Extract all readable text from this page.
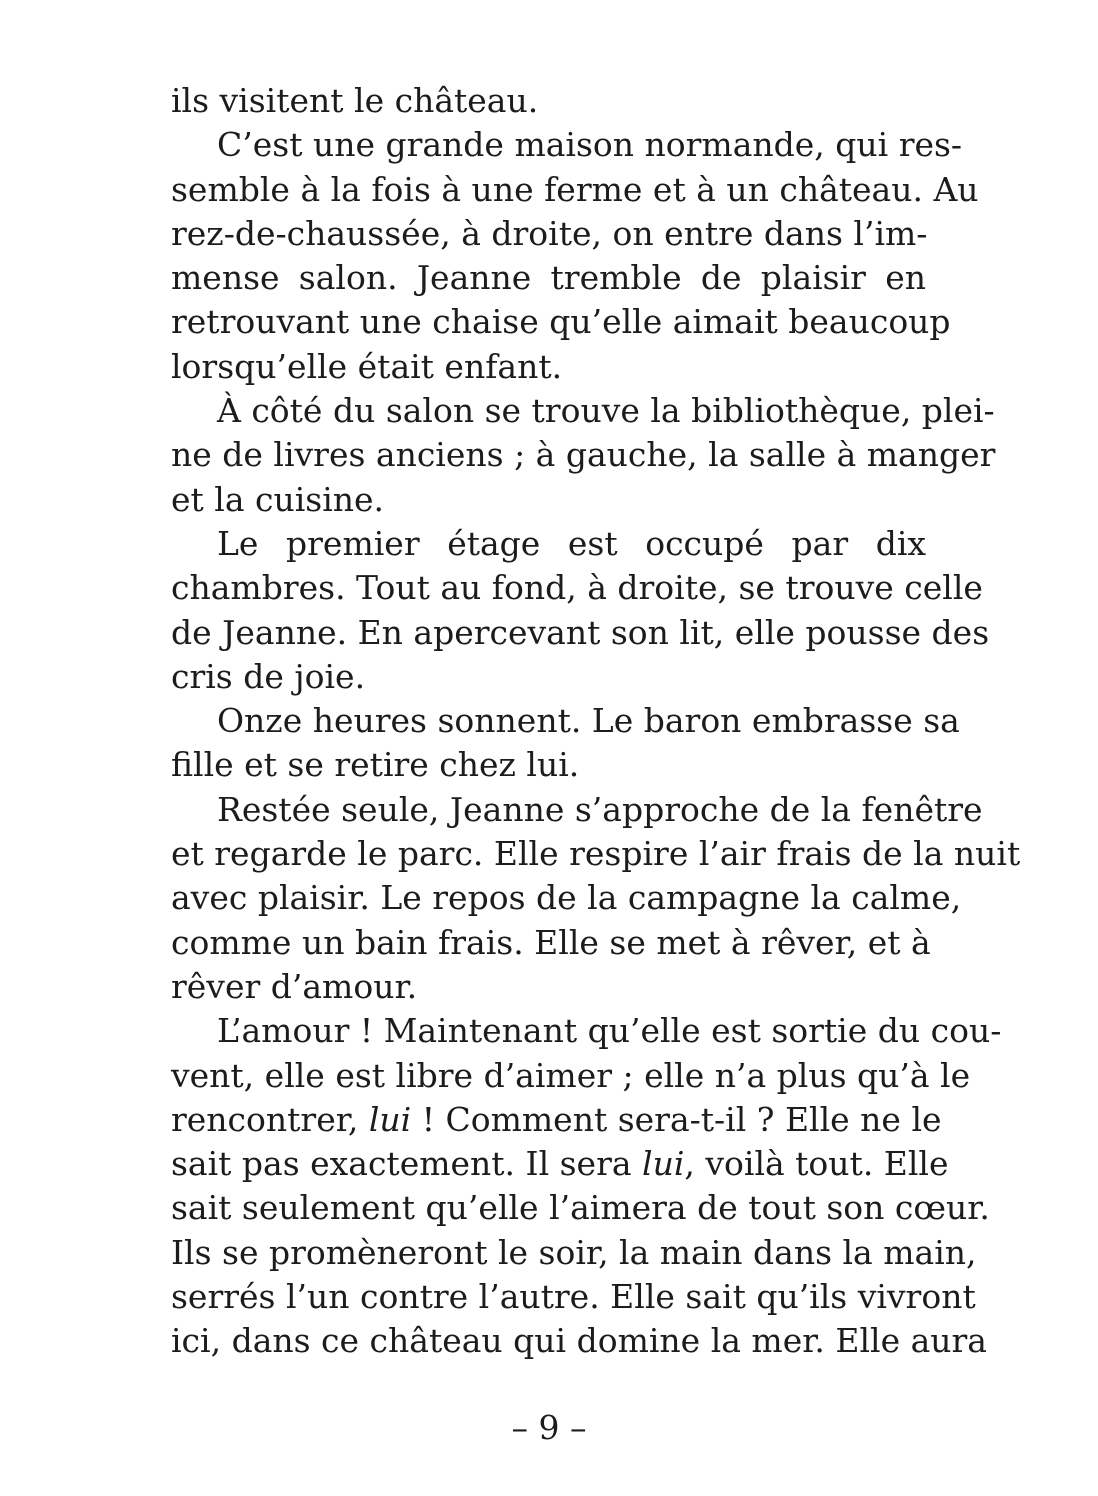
ils visitent le château.
C’est une grande maison normande, qui res-
semble à la fois à une ferme et à un château. Au
rez-de-chaussée, à droite, on entre dans l’im-
mense salon. Jeanne tremble de plaisir en
retrouvant une chaise qu’elle aimait beaucoup
lorsqu’elle était enfant.
À côté du salon se trouve la bibliothèque, plei-
ne de livres anciens ; à gauche, la salle à manger
et la cuisine.
Le premier étage est occupé par dix
chambres. Tout au fond, à droite, se trouve celle
de Jeanne. En apercevant son lit, elle pousse des
cris de joie.
Onze heures sonnent. Le baron embrasse sa
fille et se retire chez lui.
Restée seule, Jeanne s’approche de la fenêtre
et regarde le parc. Elle respire l’air frais de la nuit
avec plaisir. Le repos de la campagne la calme,
comme un bain frais. Elle se met à rêver, et à
rêver d’amour.
L’amour ! Maintenant qu’elle est sortie du cou-
vent, elle est libre d’aimer ; elle n’a plus qu’à le
rencontrer, lui ! Comment sera-t-il ? Elle ne le
sait pas exactement. Il sera lui, voilà tout. Elle
sait seulement qu’elle l’aimera de tout son cœur.
Ils se promèneront le soir, la main dans la main,
serrés l’un contre l’autre. Elle sait qu’ils vivront
ici, dans ce château qui domine la mer. Elle aura
– 9 –
